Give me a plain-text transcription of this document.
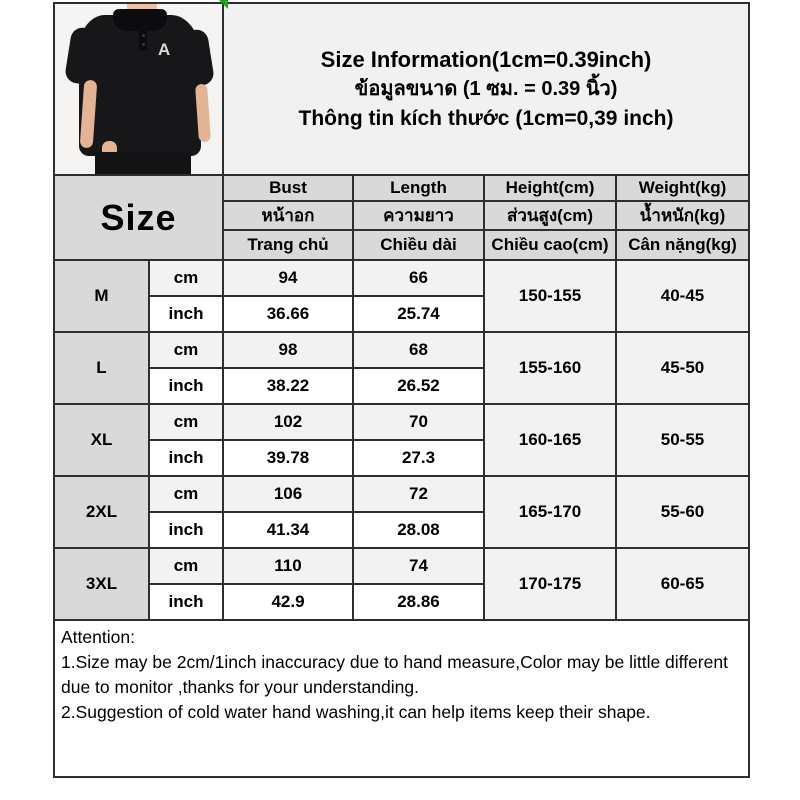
A		Size Information(1cm=0.39inch)
ข้อมูลขนาด (1 ซม. = 0.39 นิ้ว)
Thông tin kích thước (1cm=0,39 inch)			

Size		Bust	Length	Height(cm)	Weight(kg)
		หน้าอก	ความยาว	ส่วนสูง(cm)	น้ำหนัก(kg)
		Trang chủ	Chiều dài	Chiều cao(cm)	Cân nặng(kg)
M	cm	94	66	150-155	40-45
	inch	36.66	25.74		
L	cm	98	68	155-160	45-50
	inch	38.22	26.52		
XL	cm	102	70	160-165	50-55
	inch	39.78	27.3		
2XL	cm	106	72	165-170	55-60
	inch	41.34	28.08		
3XL	cm	110	74	170-175	60-65
	inch	42.9	28.86		

Attention:
1.Size may be 2cm/1inch inaccuracy due to hand measure,Color may be little different due to monitor ,thanks for your understanding.
2.Suggestion of cold water hand washing,it can help items keep their shape.					
